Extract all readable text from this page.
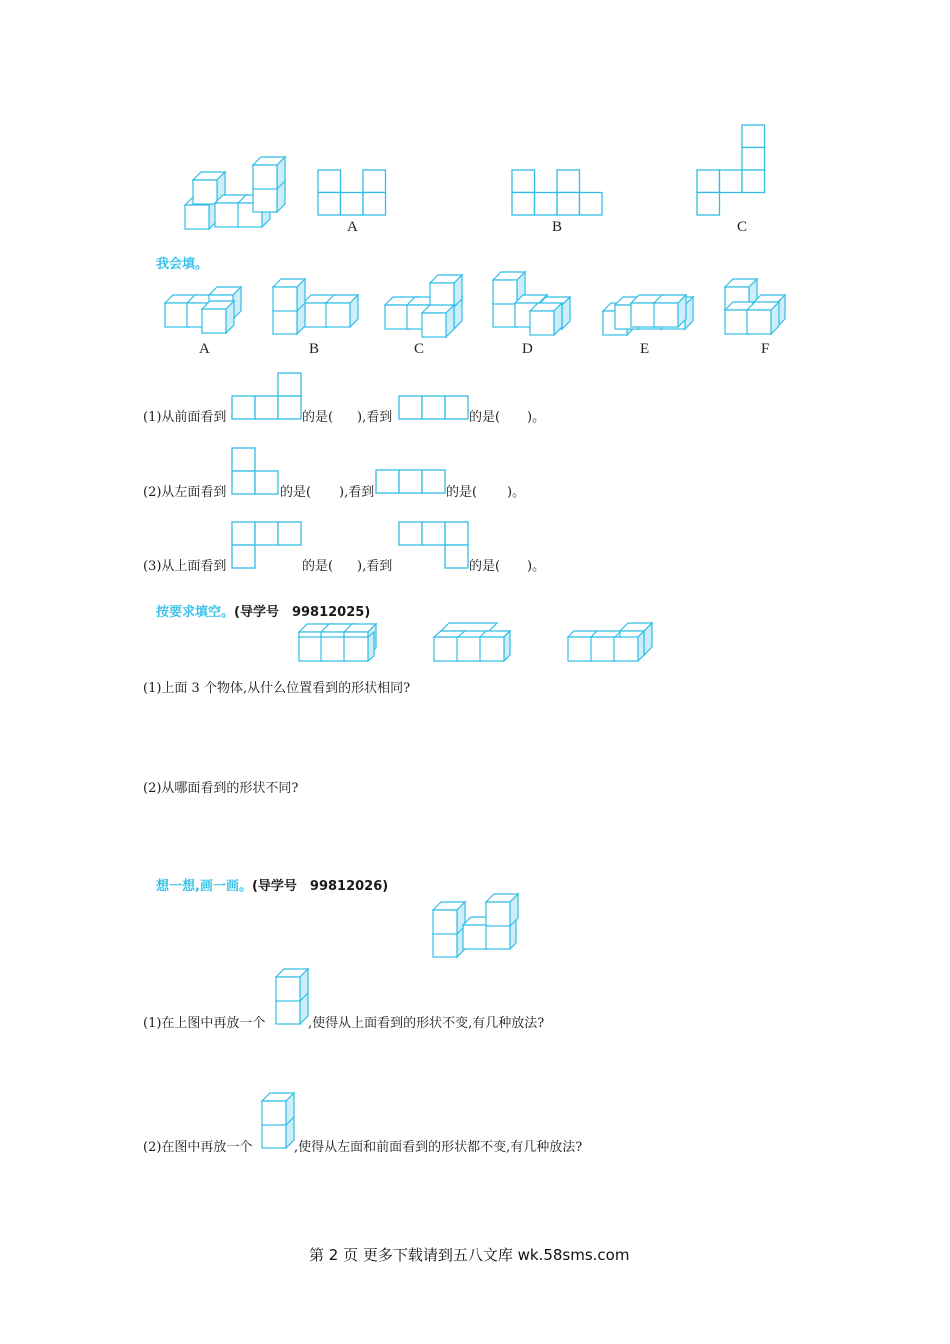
A	B	C
我会填。
A	B	C	D	E	F
(1)从前面看到	的是( ),看到	的是( )。
(2)从左面看到	的是( ),看到	的是( )。
(3)从上面看到	的是( ),看到	的是( )。
按要求填空。(导学号　99812025)
(1)上面 3 个物体,从什么位置看到的形状相同?
(2)从哪面看到的形状不同?
想一想,画一画。(导学号　99812026)
(1)在上图中再放一个	,使得从上面看到的形状不变,有几种放法?
(2)在图中再放一个	,使得从左面和前面看到的形状都不变,有几种放法?
第 2 页 更多下载请到五八文库 wk.58sms.com
